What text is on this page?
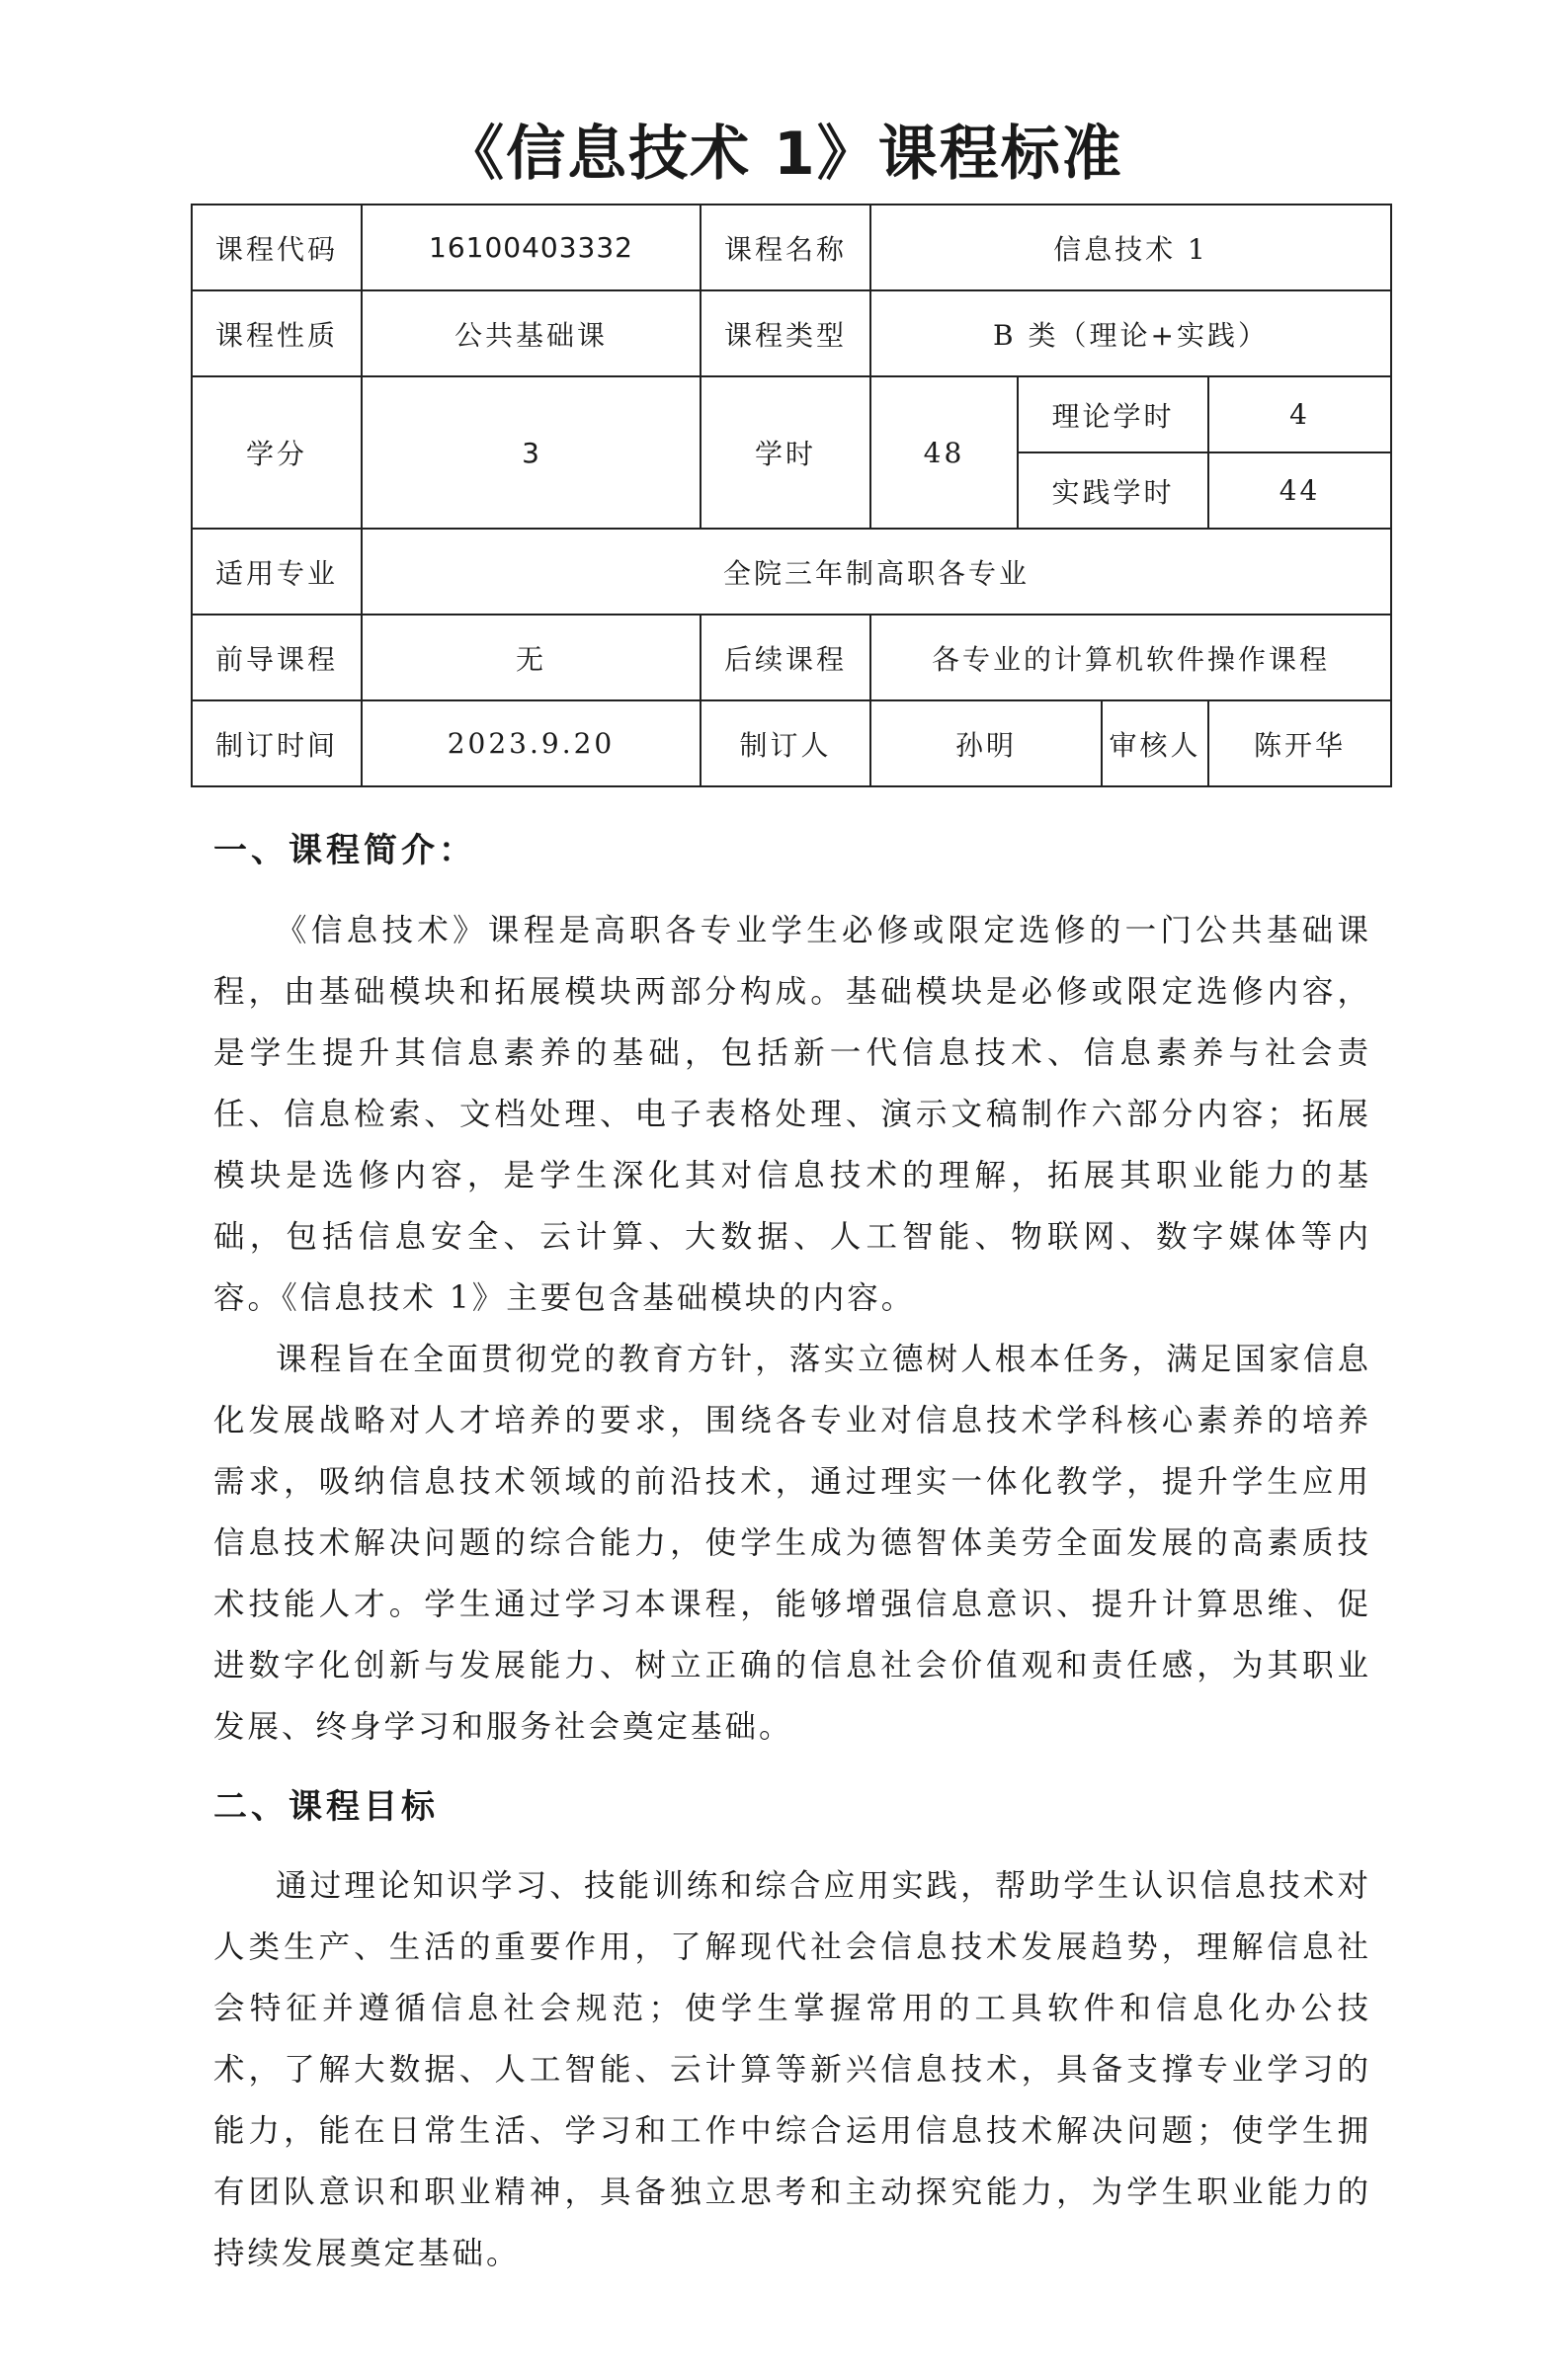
《信息技术 1》课程标准
课程代码	16100403332	课程名称	信息技术 1			
课程性质	公共基础课	课程类型	B 类（理论+实践）			
学分	3	学时	48	理论学时		4
				实践学时		44
适用专业	全院三年制高职各专业					
前导课程	无	后续课程	各专业的计算机软件操作课程			
制订时间	2023.9.20	制订人	孙明		审核人	陈开华
一、课程简介：

《信息技术》课程是高职各专业学生必修或限定选修的一门公共基础课程，由基础模块和拓展模块两部分构成。基础模块是必修或限定选修内容，是学生提升其信息素养的基础，包括新一代信息技术、信息素养与社会责任、信息检索、文档处理、电子表格处理、演示文稿制作六部分内容；拓展模块是选修内容，是学生深化其对信息技术的理解，拓展其职业能力的基础，包括信息安全、云计算、大数据、人工智能、物联网、数字媒体等内容。《信息技术 1》主要包含基础模块的内容。

课程旨在全面贯彻党的教育方针，落实立德树人根本任务，满足国家信息化发展战略对人才培养的要求，围绕各专业对信息技术学科核心素养的培养需求，吸纳信息技术领域的前沿技术，通过理实一体化教学，提升学生应用信息技术解决问题的综合能力，使学生成为德智体美劳全面发展的高素质技术技能人才。学生通过学习本课程，能够增强信息意识、提升计算思维、促进数字化创新与发展能力、树立正确的信息社会价值观和责任感，为其职业发展、终身学习和服务社会奠定基础。

二、课程目标

通过理论知识学习、技能训练和综合应用实践，帮助学生认识信息技术对人类生产、生活的重要作用，了解现代社会信息技术发展趋势，理解信息社会特征并遵循信息社会规范；使学生掌握常用的工具软件和信息化办公技术，了解大数据、人工智能、云计算等新兴信息技术，具备支撑专业学习的能力，能在日常生活、学习和工作中综合运用信息技术解决问题；使学生拥有团队意识和职业精神，具备独立思考和主动探究能力，为学生职业能力的持续发展奠定基础。
